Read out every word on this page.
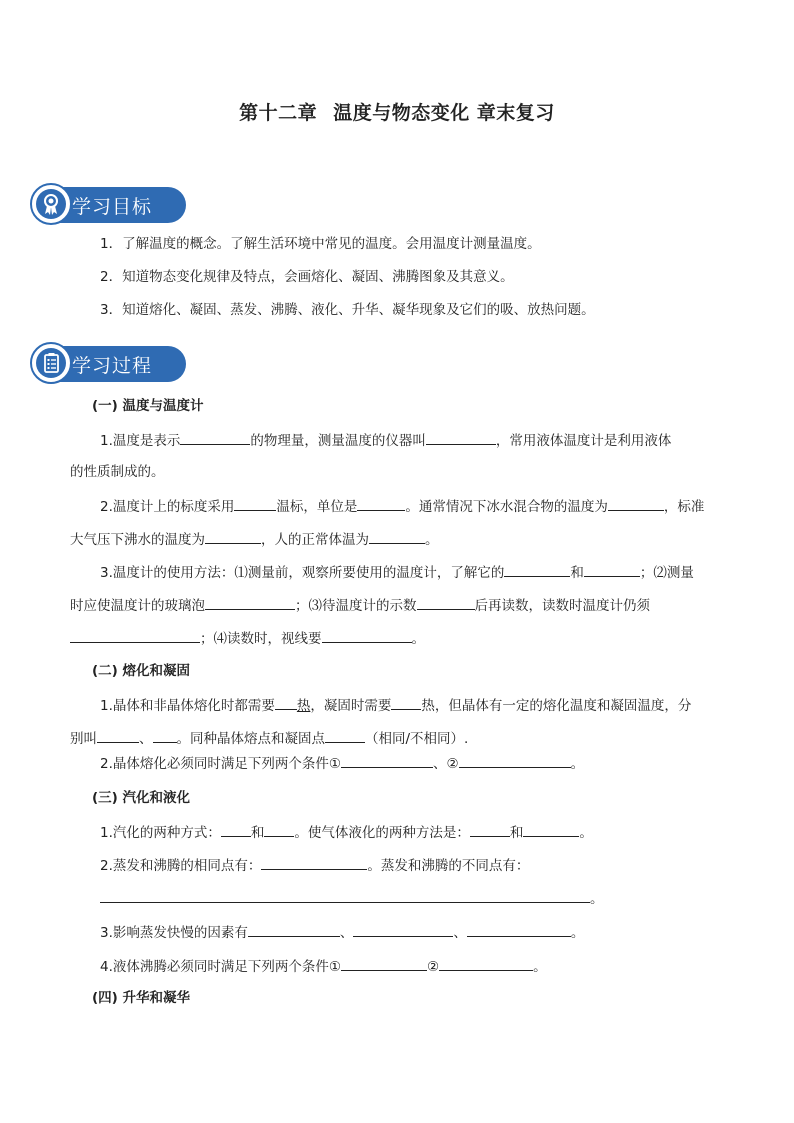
第十二章 温度与物态变化 章末复习
学习目标
1．了解温度的概念。了解生活环境中常见的温度。会用温度计测量温度。
2．知道物态变化规律及特点，会画熔化、凝固、沸腾图象及其意义。
3．知道熔化、凝固、蒸发、沸腾、液化、升华、凝华现象及它们的吸、放热问题。
学习过程
(一) 温度与温度计
1.温度是表示	的物理量，测量温度的仪器叫	，常用液体温度计是利用液体
的性质制成的。
2.温度计上的标度采用	温标，单位是	。通常情况下冰水混合物的温度为	，标准
大气压下沸水的温度为	，人的正常体温为	。
3.温度计的使用方法：⑴测量前，观察所要使用的温度计，了解它的	和	；⑵测量
时应使温度计的玻璃泡	；⑶待温度计的示数	后再读数，读数时温度计仍须
；⑷读数时，视线要	。
(二) 熔化和凝固
1.晶体和非晶体熔化时都需要 热，凝固时需要 热，但晶体有一定的熔化温度和凝固温度，分
别叫	、 。同种晶体熔点和凝固点	（相同/不相同）.
2.晶体熔化必须同时满足下列两个条件①	、②	。
(三) 汽化和液化
1.汽化的两种方式： 和 。使气体液化的两种方法是：	和	。
2.蒸发和沸腾的相同点有：	。蒸发和沸腾的不同点有：
。
3.影响蒸发快慢的因素有	、	、	。
4.液体沸腾必须同时满足下列两个条件①	②	。
(四) 升华和凝华
